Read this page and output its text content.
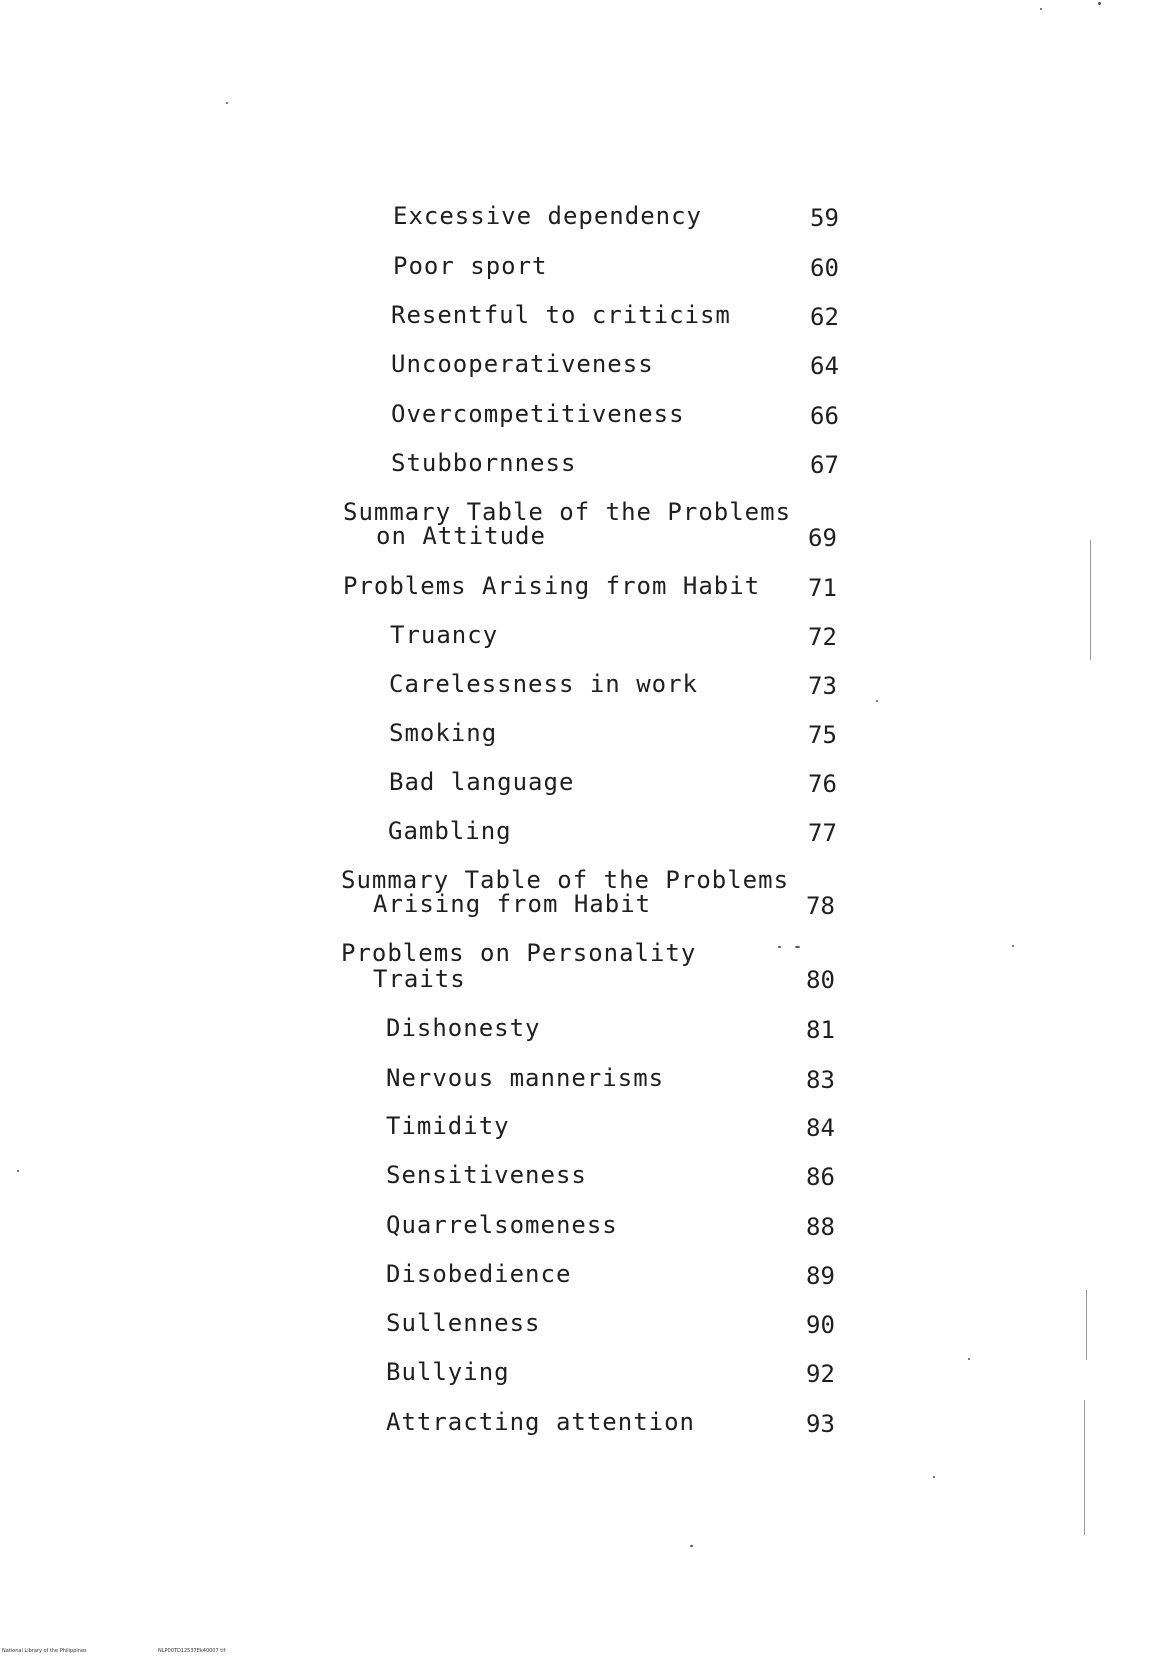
Excessive dependency	59
Poor sport	60
Resentful to criticism	62
Uncooperativeness	64
Overcompetitiveness	66
Stubbornness	67
Summary Table of the Problems
on Attitude	69
Problems Arising from Habit 71
Truancy	72
Carelessness in work	73
Smoking	75
Bad language	76
Gambling	77
Summary Table of the Problems
Arising from Habit	78
Problems on Personality
Traits	80
Dishonesty	81
Nervous mannerisms	83
Timidity	84
Sensitiveness	86
Quarrelsomeness	88
Disobedience	89
Sullenness	90
Bullying	92
Attracting attention	93
National Library of the Philippines	NLP00TD12537Ek40007 tif
